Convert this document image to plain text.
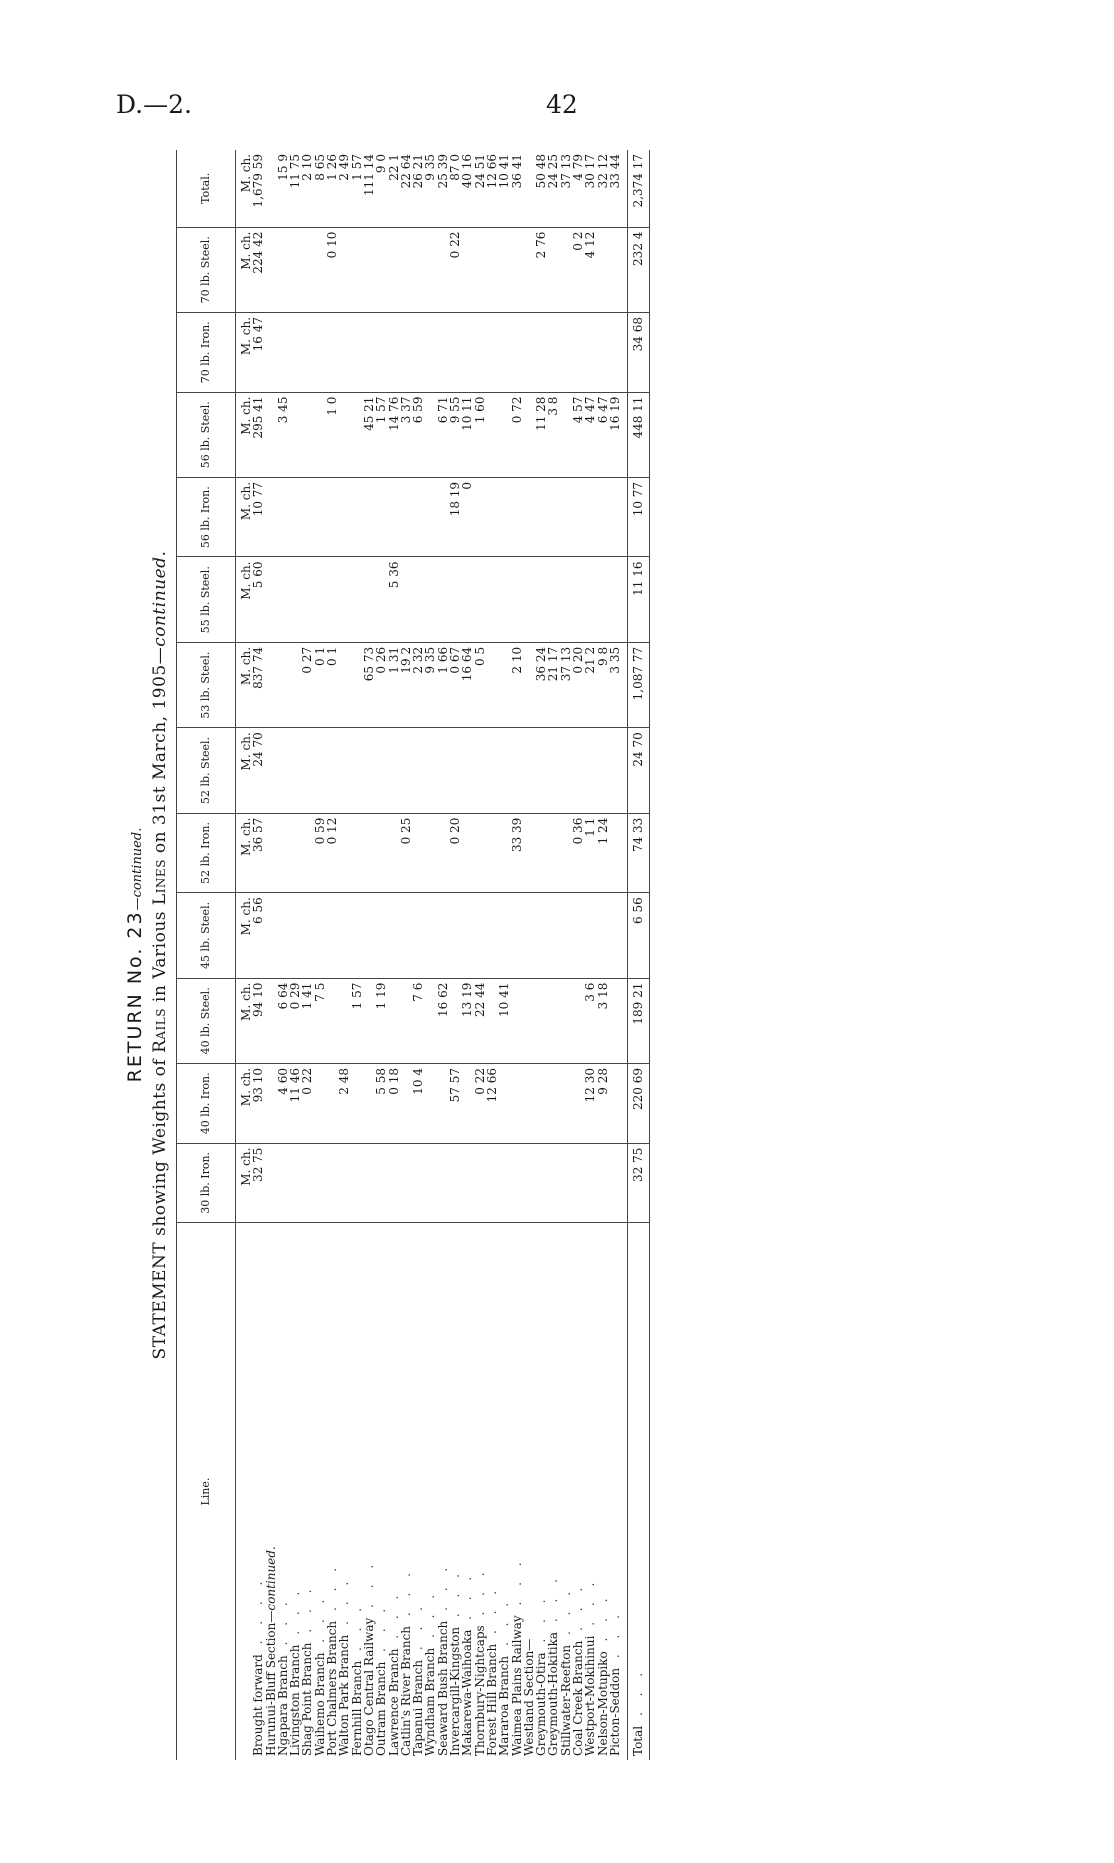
D.—2.	42
RETURN No. 23—continued.
STATEMENT showing Weights of Rails in Various Lines on 31st March, 1905—continued.
Line.	30 lb. Iron.	40 lb. Iron.	40 lb. Steel.	45 lb. Steel.	52 lb. Iron.	52 lb. Steel.	53 lb. Steel.	55 lb. Steel.	56 lb. Iron.	56 lb. Steel.	70 lb. Iron.	70 lb. Steel.	Total.
	M. ch.	M. ch.	M. ch.	M. ch.	M. ch.	M. ch.	M. ch.	M. ch.	M. ch.	M. ch.	M. ch.	M. ch.	M. ch.
Brought forward . . . .	32 75	93 10	94 10	6 56	36 57	24 70	837 74	5 60	10 77	295 41	16 47	224 42	1,679 59
Hurunui-Bluff Section—continued.													
Ngapara Branch . . .		4 60	6 64							3 45			15 9
Livingston Branch . . .		11 46	0 29										11 75
Shag Point Branch . . .		0 22	1 41				0 27						2 10
Waihemo Branch . . .			7 5		0 59		0 1						8 65
Port Chalmers Branch . . .					0 12		0 1			1 0		0 10	1 26
Walton Park Branch . . .		2 48											2 49
Fernhill Branch . . .			1 57										1 57
Otago Central Railway . . .							65 73			45 21			111 14
Outram Branch . . .		5 58	1 19				0 26			1 57			9 0
Lawrence Branch . . .		0 18					1 31	5 36		14 76			22 1
Catlin's River Branch . . .					0 25		19 2			3 37			22 64
Tapanui Branch . . .		10 4	7 6				2 32			6 59			26 21
Wyndham Branch . . .							9 35						9 35
Seaward Bush Branch . . .			16 62				1 66			6 71			25 39
Invercargill-Kingston . . .		57 57			0 20		0 67		18 19	9 55		0 22	87 0
Makarewa-Waihoaka . . .			13 19				16 64		0	10 11			40 16
Thornbury-Nightcaps . . .		0 22	22 44				0 5			1 60			24 51
Forest Hill Branch . . .		12 66											12 66
Mararoa Branch . . .			10 41										10 41
Waimea Plains Railway . . .					33 39		2 10			0 72			36 41
Westland Section—													
Greymouth-Otira . . .							36 24			11 28		2 76	50 48
Greymouth-Hokitika . . .							21 17			3 8			24 25
Stillwater-Reefton . . .							37 13						37 13
Coal Creek Branch . . .					0 36		0 20			4 57		0 2	4 79
Westport-Mokihinui . . .		12 30	3 6		1 1		21 2			4 47		4 12	30 17
Nelson-Motupiko . . .		9 28	3 18		1 24		9 8			6 47			32 12
Picton-Seddon . . .							3 35			16 19			33 44

Total . . .	32 75	220 69	189 21	6 56	74 33	24 70	1,087 77	11 16	10 77	448 11	34 68	232 4	2,374 17
